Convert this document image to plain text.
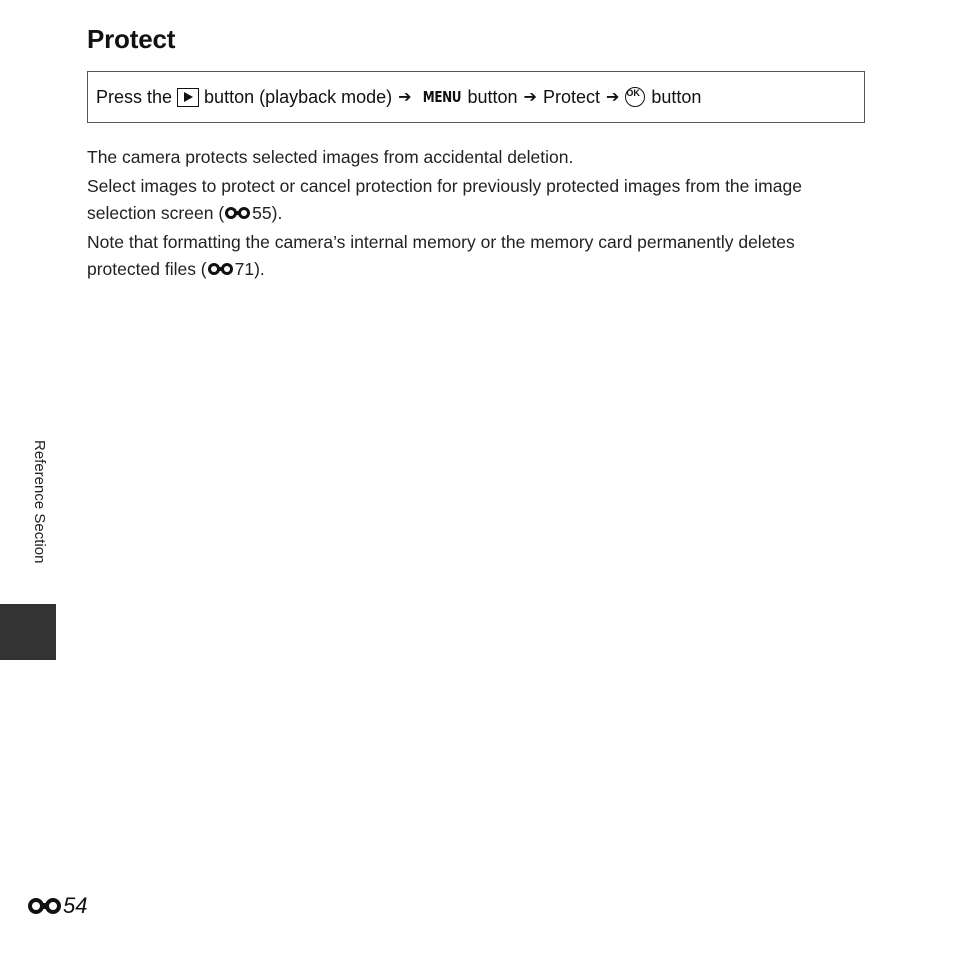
Protect
Press the button (playback mode) ➔ MENU button ➔ Protect ➔ OK button

The camera protects selected images from accidental deletion.

Select images to protect or cancel protection for previously protected images from the image selection screen ( 55).

Note that formatting the camera’s internal memory or the memory card permanently deletes protected files ( 71).

Reference Section
54
